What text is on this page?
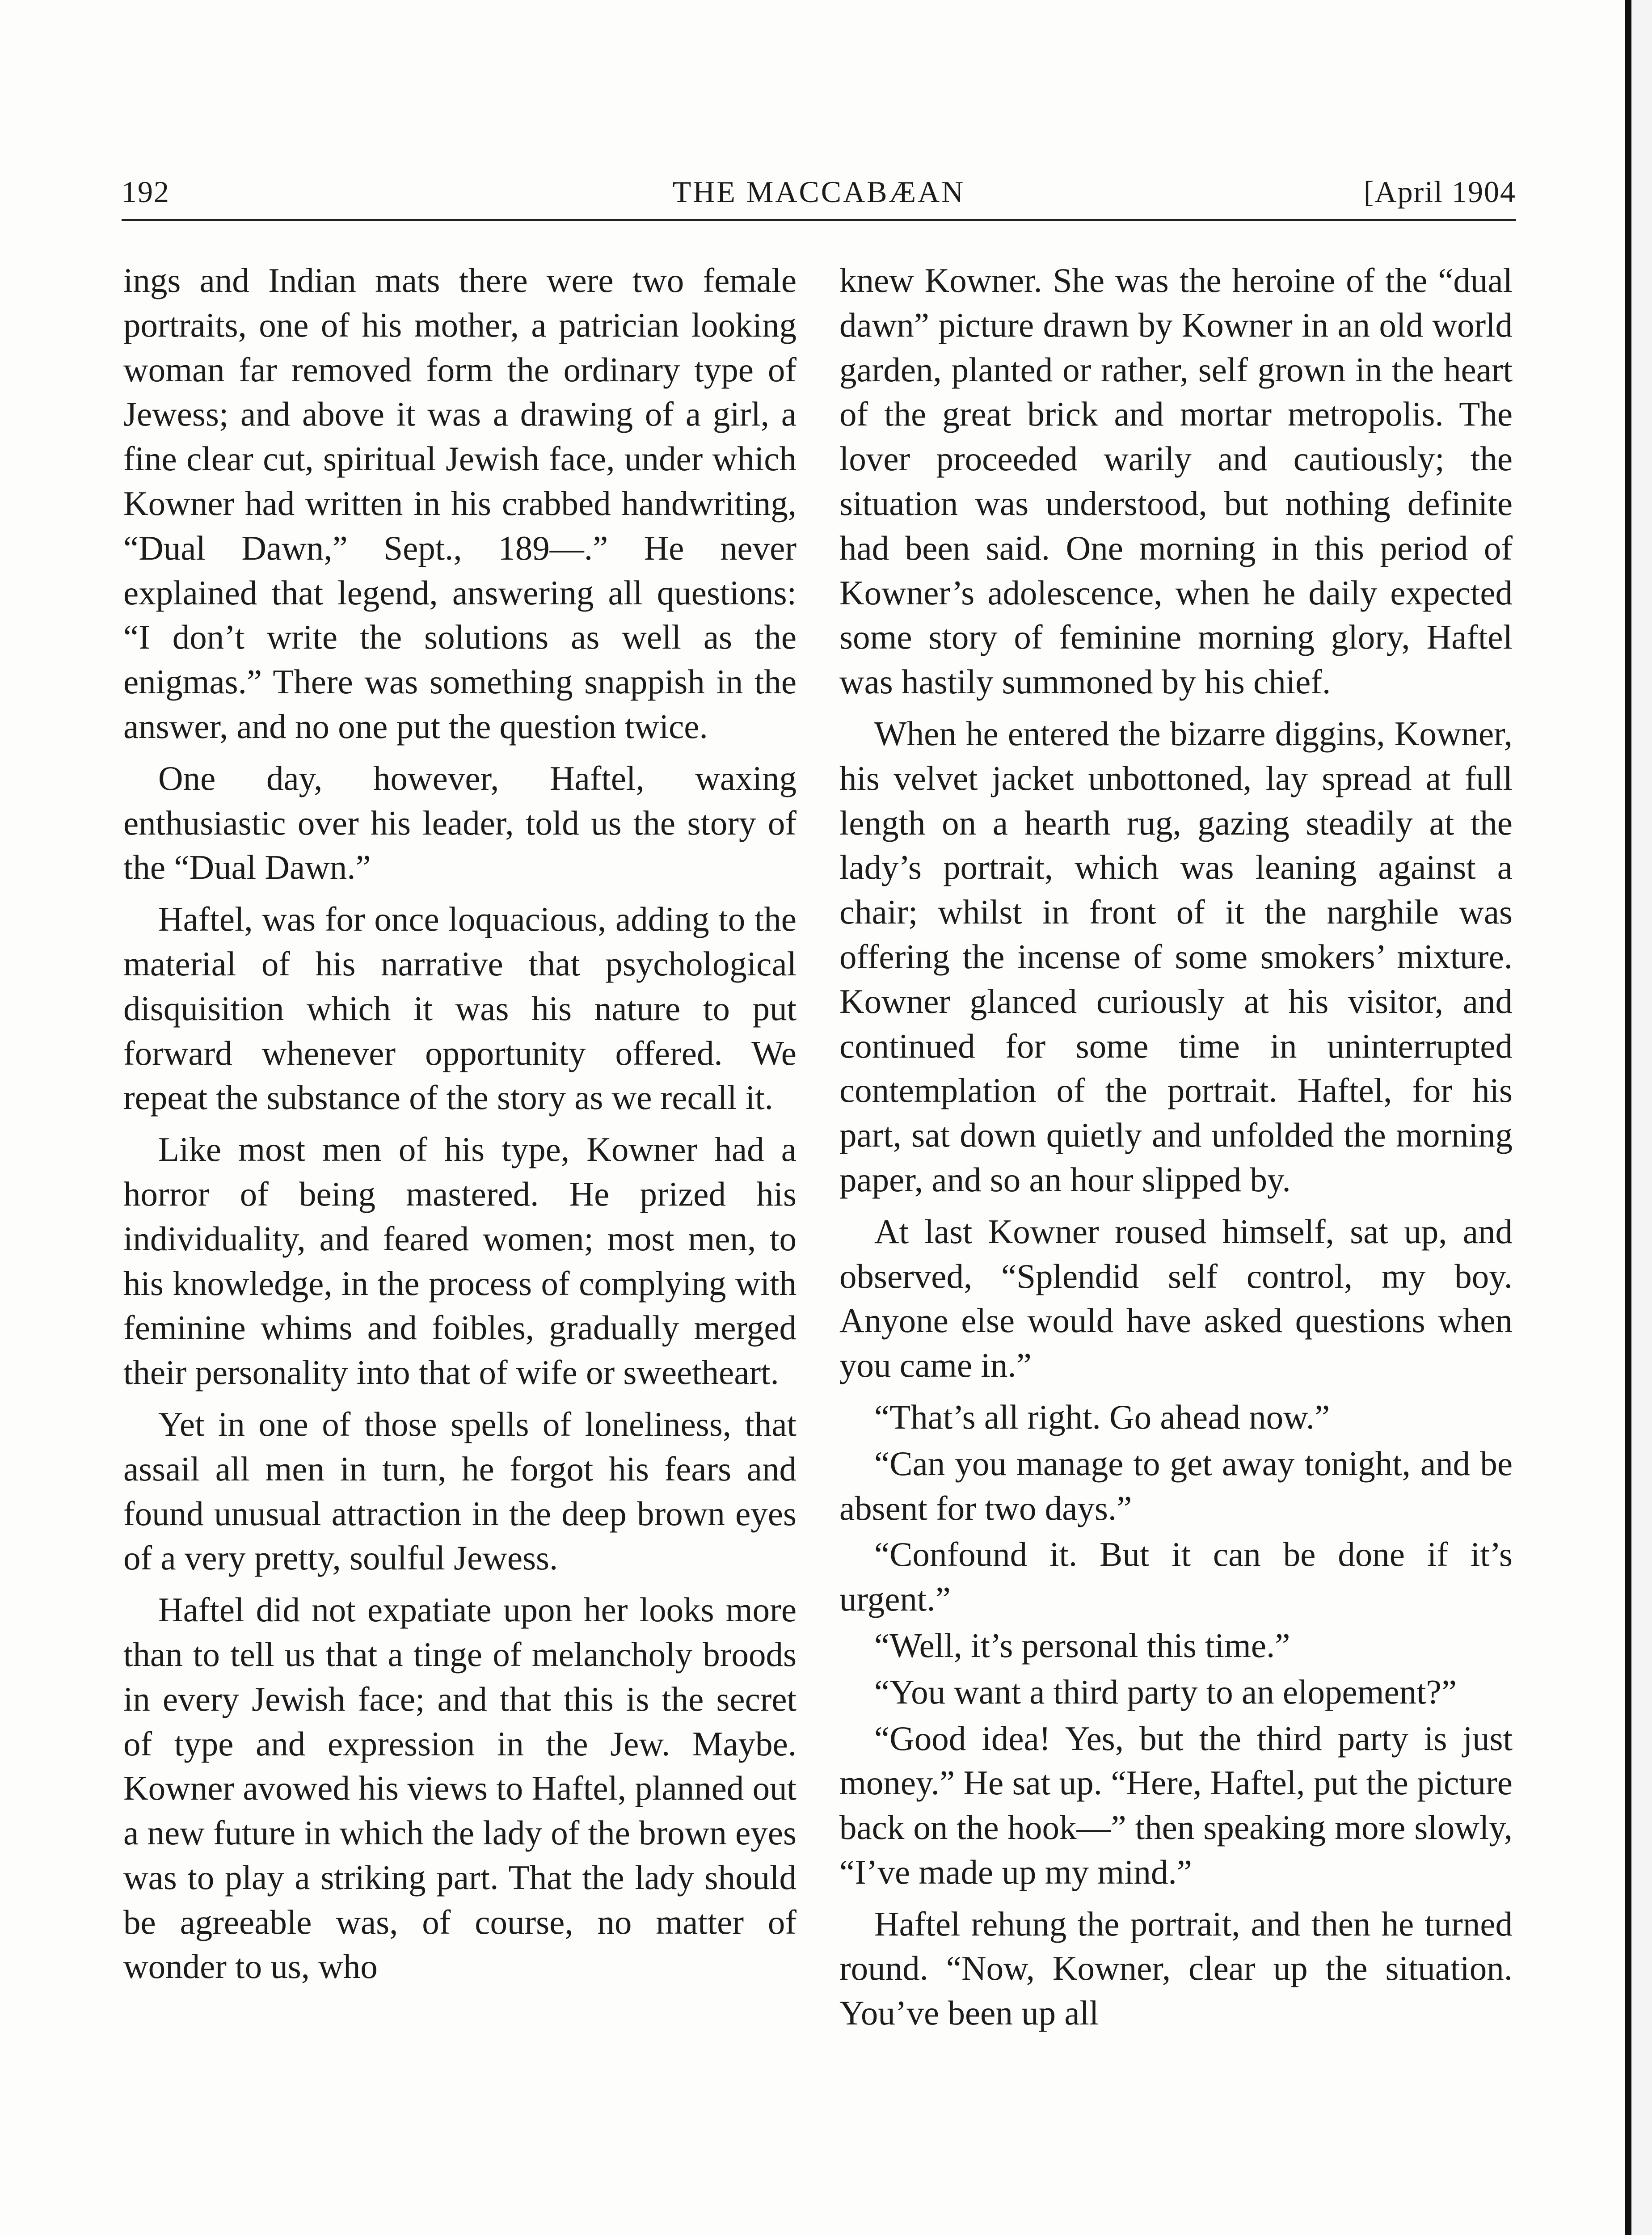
192	THE MACCABÆAN	[April 1904

ings and Indian mats there were two female portraits, one of his mother, a patrician looking woman far removed form the ordinary type of Jewess; and above it was a drawing of a girl, a fine clear cut, spiritual Jewish face, under which Kowner had written in his crabbed handwriting, “Dual Dawn,” Sept., 189—.” He never explained that legend, answering all questions: “I don’t write the solutions as well as the enigmas.” There was something snappish in the answer, and no one put the question twice.

One day, however, Haftel, waxing enthusiastic over his leader, told us the story of the “Dual Dawn.”

Haftel, was for once loquacious, adding to the material of his narrative that psychological disquisition which it was his nature to put forward whenever opportunity offered. We repeat the substance of the story as we recall it.

Like most men of his type, Kowner had a horror of being mastered. He prized his individuality, and feared women; most men, to his knowledge, in the process of complying with feminine whims and foibles, gradually merged their personality into that of wife or sweetheart.

Yet in one of those spells of loneliness, that assail all men in turn, he forgot his fears and found unusual attraction in the deep brown eyes of a very pretty, soulful Jewess.

Haftel did not expatiate upon her looks more than to tell us that a tinge of melancholy broods in every Jewish face; and that this is the secret of type and expression in the Jew. Maybe. Kowner avowed his views to Haftel, planned out a new future in which the lady of the brown eyes was to play a striking part. That the lady should be agreeable was, of course, no matter of wonder to us, who

knew Kowner. She was the heroine of the “dual dawn” picture drawn by Kowner in an old world garden, planted or rather, self grown in the heart of the great brick and mortar metropolis. The lover proceeded warily and cautiously; the situation was understood, but nothing definite had been said. One morning in this period of Kowner’s adolescence, when he daily expected some story of feminine morning glory, Haftel was hastily summoned by his chief.

When he entered the bizarre diggins, Kowner, his velvet jacket unbottoned, lay spread at full length on a hearth rug, gazing steadily at the lady’s portrait, which was leaning against a chair; whilst in front of it the narghile was offering the incense of some smokers’ mixture. Kowner glanced curiously at his visitor, and continued for some time in uninterrupted contemplation of the portrait. Haftel, for his part, sat down quietly and unfolded the morning paper, and so an hour slipped by.

At last Kowner roused himself, sat up, and observed, “Splendid self control, my boy. Anyone else would have asked questions when you came in.”

“That’s all right. Go ahead now.”

“Can you manage to get away tonight, and be absent for two days.”

“Confound it. But it can be done if it’s urgent.”

“Well, it’s personal this time.”

“You want a third party to an elopement?”

“Good idea! Yes, but the third party is just money.” He sat up. “Here, Haftel, put the picture back on the hook—” then speaking more slowly, “I’ve made up my mind.”

Haftel rehung the portrait, and then he turned round. “Now, Kowner, clear up the situation. You’ve been up all
